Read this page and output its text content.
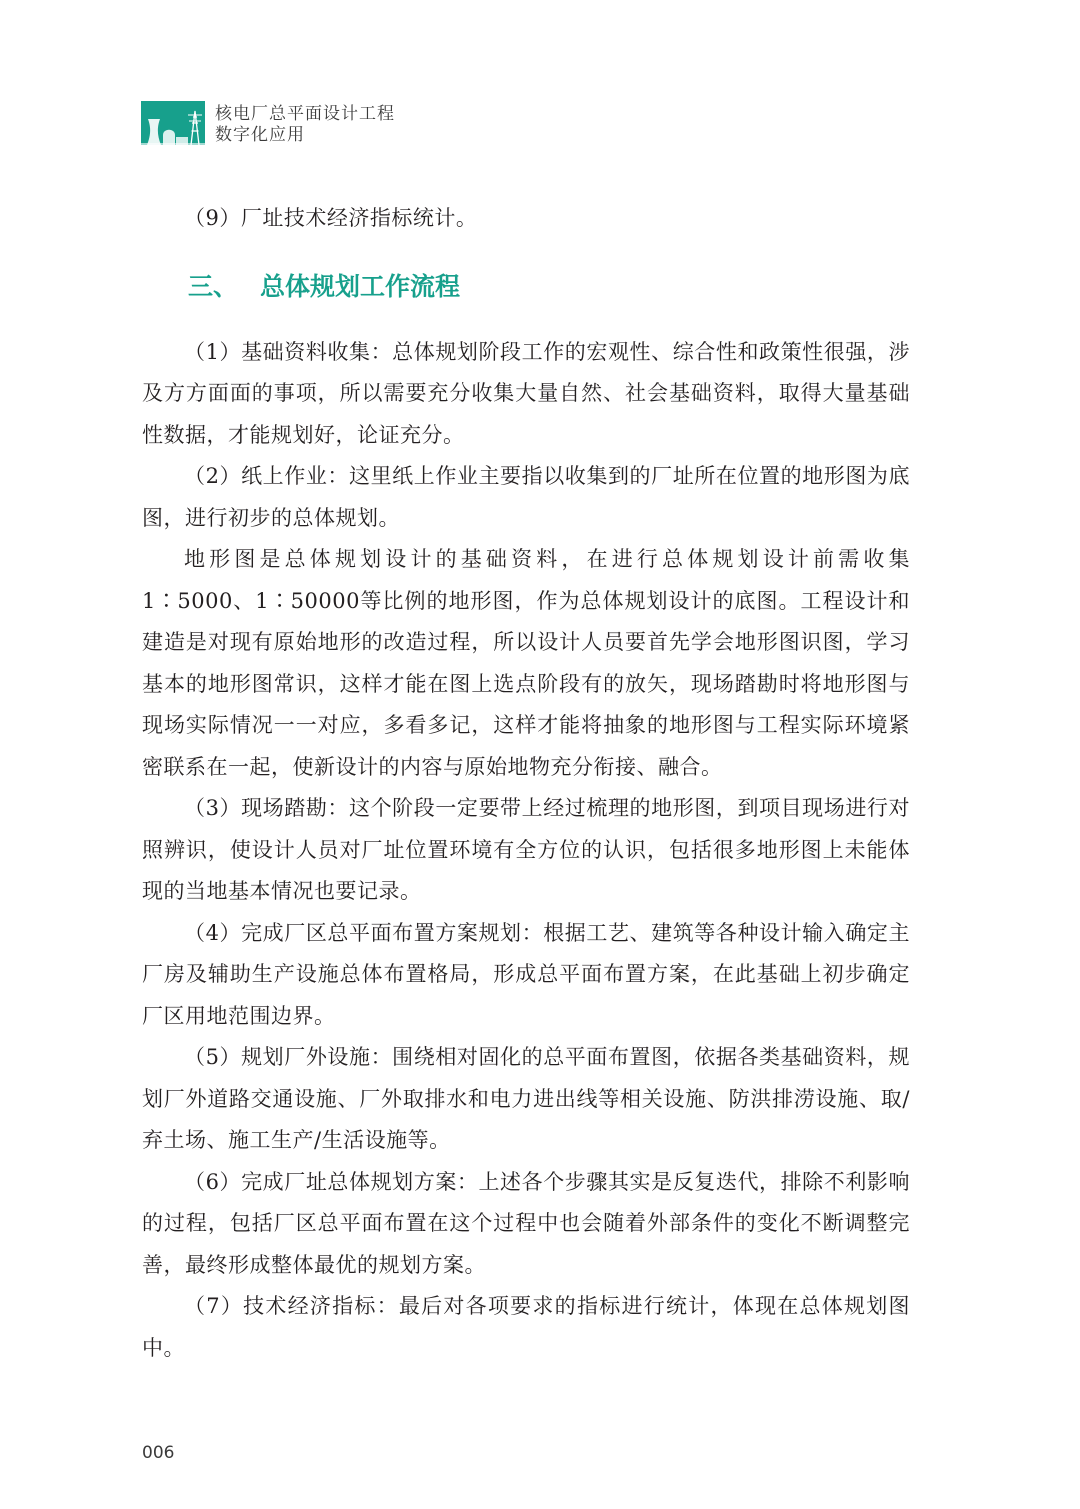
核电厂总平面设计工程
数字化应用

（9）厂址技术经济指标统计。

三、 总体规划工作流程

（1）基础资料收集：总体规划阶段工作的宏观性、综合性和政策性很强，涉及方方面面的事项，所以需要充分收集大量自然、社会基础资料，取得大量基础性数据，才能规划好，论证充分。

（2）纸上作业：这里纸上作业主要指以收集到的厂址所在位置的地形图为底图，进行初步的总体规划。

地形图是总体规划设计的基础资料，在进行总体规划设计前需收集1∶5000、1∶50000等比例的地形图，作为总体规划设计的底图。工程设计和建造是对现有原始地形的改造过程，所以设计人员要首先学会地形图识图，学习基本的地形图常识，这样才能在图上选点阶段有的放矢，现场踏勘时将地形图与现场实际情况一一对应，多看多记，这样才能将抽象的地形图与工程实际环境紧密联系在一起，使新设计的内容与原始地物充分衔接、融合。

（3）现场踏勘：这个阶段一定要带上经过梳理的地形图，到项目现场进行对照辨识，使设计人员对厂址位置环境有全方位的认识，包括很多地形图上未能体现的当地基本情况也要记录。

（4）完成厂区总平面布置方案规划：根据工艺、建筑等各种设计输入确定主厂房及辅助生产设施总体布置格局，形成总平面布置方案，在此基础上初步确定厂区用地范围边界。

（5）规划厂外设施：围绕相对固化的总平面布置图，依据各类基础资料，规划厂外道路交通设施、厂外取排水和电力进出线等相关设施、防洪排涝设施、取/弃土场、施工生产/生活设施等。

（6）完成厂址总体规划方案：上述各个步骤其实是反复迭代，排除不利影响的过程，包括厂区总平面布置在这个过程中也会随着外部条件的变化不断调整完善，最终形成整体最优的规划方案。

（7）技术经济指标：最后对各项要求的指标进行统计，体现在总体规划图中。

006
